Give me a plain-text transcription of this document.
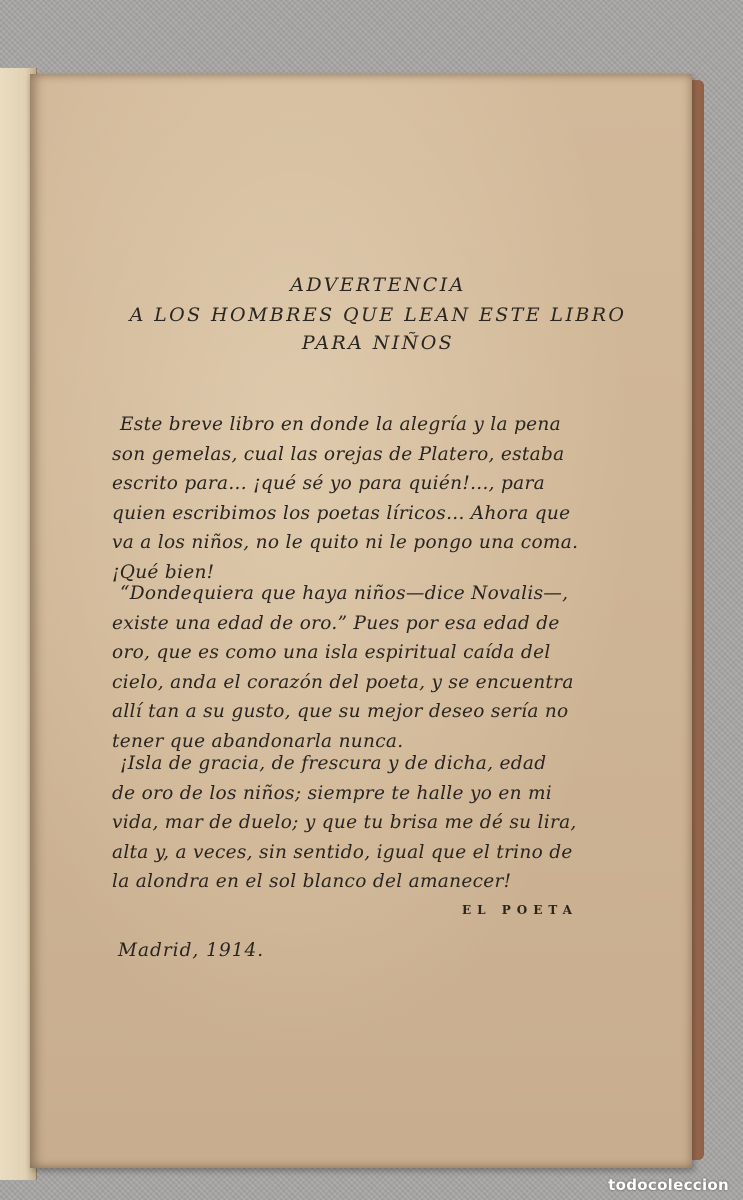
ADVERTENCIA
A LOS HOMBRES QUE LEAN ESTE LIBRO
PARA NIÑOS
Este breve libro en donde la alegría y la pena
son gemelas, cual las orejas de Platero, estaba
escrito para... ¡qué sé yo para quién!..., para
quien escribimos los poetas líricos... Ahora que
va a los niños, no le quito ni le pongo una coma.
¡Qué bien!
“Dondequiera que haya niños—dice Novalis—,
existe una edad de oro.” Pues por esa edad de
oro, que es como una isla espiritual caída del
cielo, anda el corazón del poeta, y se encuentra
allí tan a su gusto, que su mejor deseo sería no
tener que abandonarla nunca.
¡Isla de gracia, de frescura y de dicha, edad
de oro de los niños; siempre te halle yo en mi
vida, mar de duelo; y que tu brisa me dé su lira,
alta y, a veces, sin sentido, igual que el trino de
la alondra en el sol blanco del amanecer!
EL POETA
Madrid, 1914.
todocoleccion
